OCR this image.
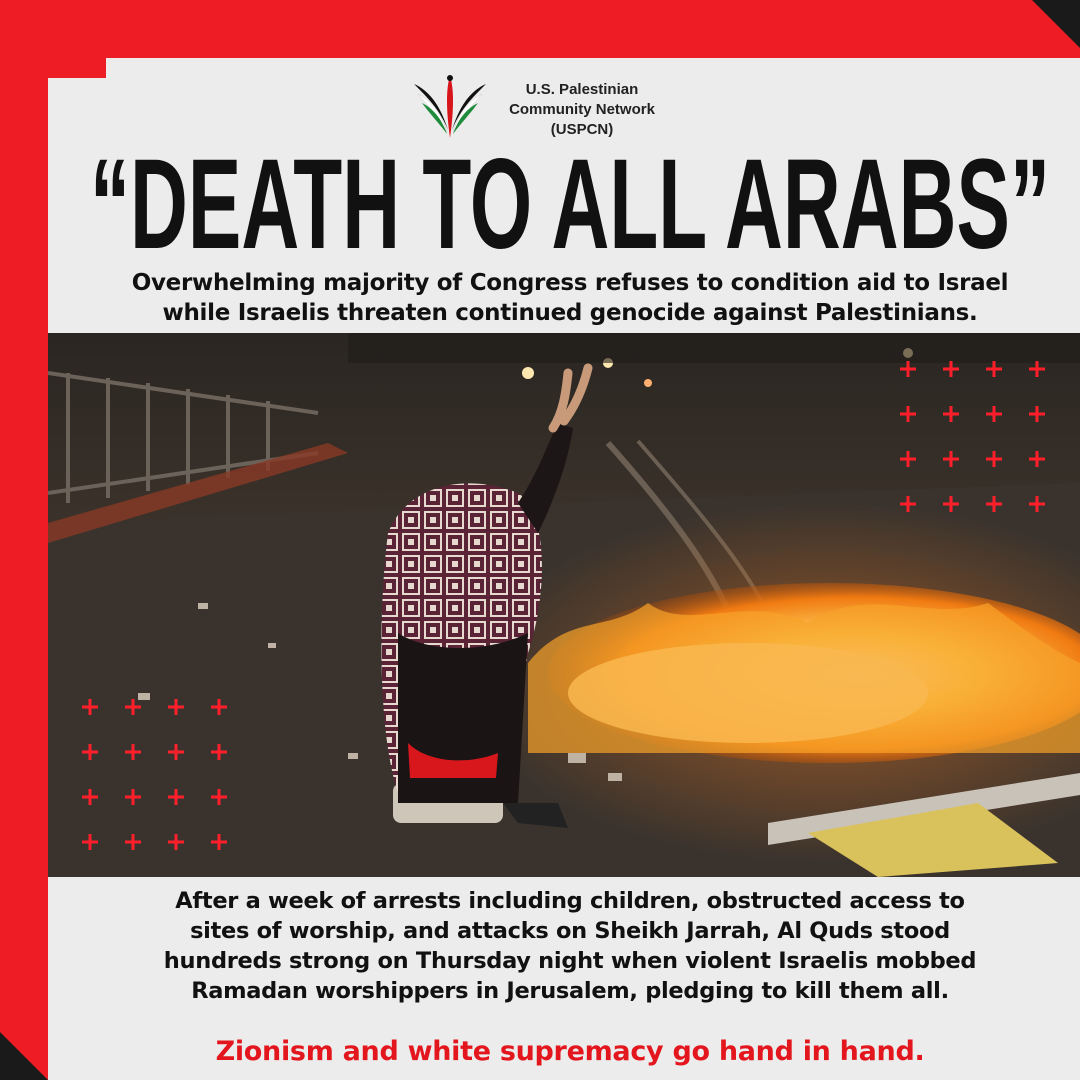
U.S. Palestinian
Community Network
(USPCN)
“DEATH TO ALL ARABS”
Overwhelming majority of Congress refuses to condition aid to Israel
while Israelis threaten continued genocide against Palestinians.
After a week of arrests including children, obstructed access to
sites of worship, and attacks on Sheikh Jarrah, Al Quds stood
hundreds strong on Thursday night when violent Israelis mobbed
Ramadan worshippers in Jerusalem, pledging to kill them all.
Zionism and white supremacy go hand in hand.
